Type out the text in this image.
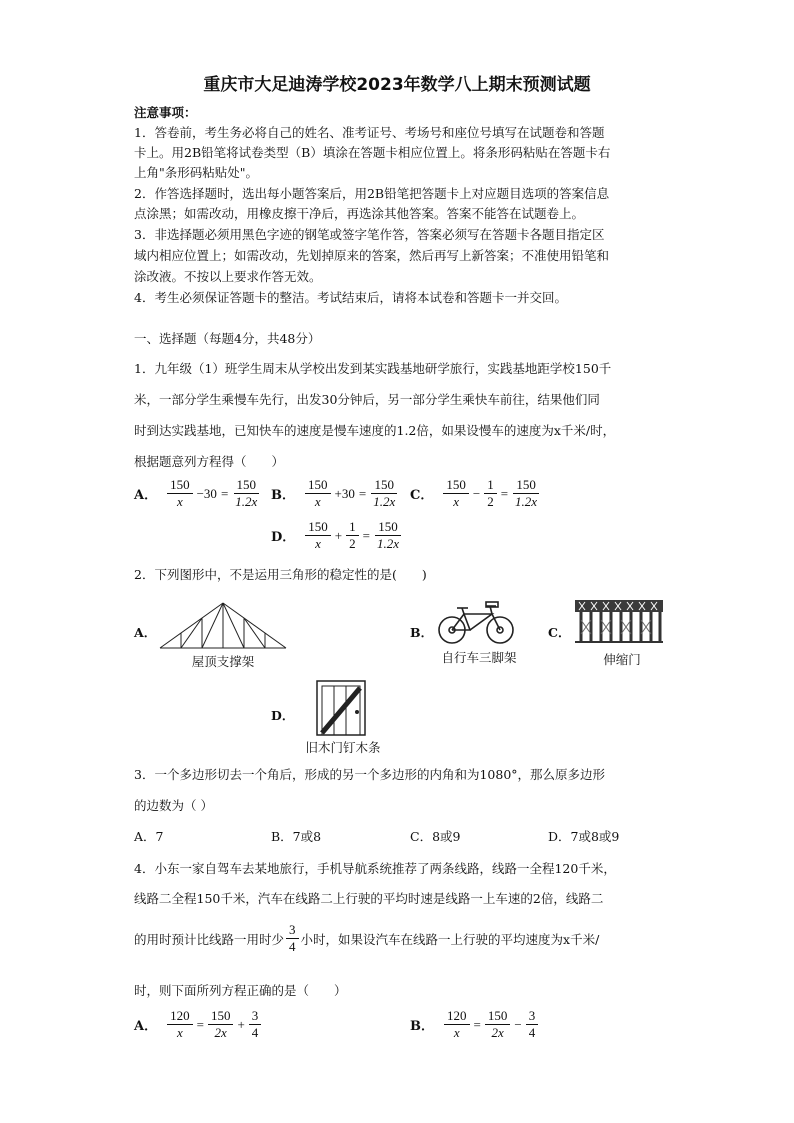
重庆市大足迪涛学校2023年数学八上期末预测试题
注意事项：
1．答卷前，考生务必将自己的姓名、准考证号、考场号和座位号填写在试题卷和答题
卡上。用2B铅笔将试卷类型（B）填涂在答题卡相应位置上。将条形码粘贴在答题卡右
上角"条形码粘贴处"。
2．作答选择题时，选出每小题答案后，用2B铅笔把答题卡上对应题目选项的答案信息
点涂黑；如需改动，用橡皮擦干净后，再选涂其他答案。答案不能答在试题卷上。
3．非选择题必须用黑色字迹的钢笔或签字笔作答，答案必须写在答题卡各题目指定区
域内相应位置上；如需改动，先划掉原来的答案，然后再写上新答案；不准使用铅笔和
涂改液。不按以上要求作答无效。
4．考生必须保证答题卡的整洁。考试结束后，请将本试卷和答题卡一并交回。
一、选择题（每题4分，共48分）
1．九年级（1）班学生周末从学校出发到某实践基地研学旅行，实践基地距学校150千
米，一部分学生乘慢车先行，出发30分钟后，另一部分学生乘快车前往，结果他们同
时到达实践基地，已知快车的速度是慢车速度的1.2倍，如果设慢车的速度为x千米/时，
根据题意列方程得（　　）
A． $\frac{150}{x} -30 = \frac{150}{1.2x}$ B． $\frac{150}{x} +30 = \frac{150}{1.2x}$ C． $\frac{150}{x} - \frac{1}{2} = \frac{150}{1.2x}$
D． $\frac{150}{x} + \frac{1}{2} = \frac{150}{1.2x}$
2．下列图形中，不是运用三角形的稳定性的是(　　)
A．
屋顶支撑架
B．
自行车三脚架
C．
伸缩门
D．
旧木门钉木条
3．一个多边形切去一个角后，形成的另一个多边形的内角和为1080°，那么原多边形
的边数为（ ）
A．7	B．7或8	C．8或9	D．7或8或9
4．小东一家自驾车去某地旅行，手机导航系统推荐了两条线路，线路一全程120千米，
线路二全程150千米，汽车在线路二上行驶的平均时速是线路一上车速的2倍，线路二
的用时预计比线路一用时少 $\frac{3}{4}$ 小时，如果设汽车在线路一上行驶的平均速度为x千米/
时，则下面所列方程正确的是（　　）
A． $\frac{120}{x} = \frac{150}{2x} + \frac{3}{4}$	B． $\frac{120}{x} = \frac{150}{2x} - \frac{3}{4}$
